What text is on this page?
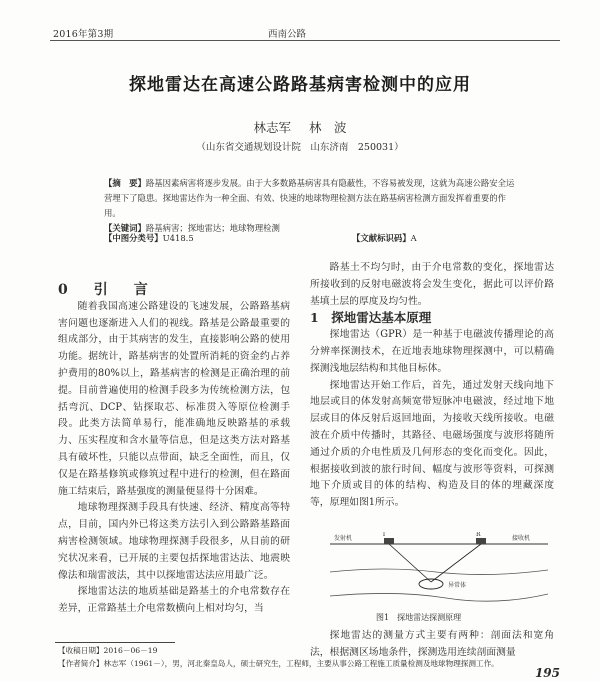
2016年第3期	西南公路
探地雷达在高速公路路基病害检测中的应用
林志军 林　波
（山东省交通规划设计院　山东济南　250031）

【摘　要】路基因素病害将逐步发展。由于大多数路基病害具有隐蔽性，不容易被发现，这就为高速公路安全运营埋下了隐患。探地雷达作为一种全面、有效、快速的地球物理检测方法在路基病害检测方面发挥着重要的作用。

【关键词】路基病害；探地雷达；地球物理检测

【中图分类号】U418.5	【文献标识码】A

0　引　言

随着我国高速公路建设的飞速发展，公路路基病害问题也逐渐进入人们的视线。路基是公路最重要的组成部分，由于其病害的发生，直接影响公路的使用功能。据统计，路基病害的处置所消耗的资金约占养护费用的80%以上，路基病害的检测是正确治理的前提。目前普遍使用的检测手段多为传统检测方法，包括弯沉、DCP、钻探取芯、标准贯入等原位检测手段。此类方法简单易行，能准确地反映路基的承载力、压实程度和含水量等信息，但是这类方法对路基具有破坏性，只能以点带面，缺乏全面性，而且，仅仅是在路基修筑或修筑过程中进行的检测，但在路面施工结束后，路基强度的测量便显得十分困难。

地球物理探测手段具有快速、经济、精度高等特点，目前，国内外已将这类方法引入到公路路基路面病害检测领域。地球物理探测手段很多，从目前的研究状况来看，已开展的主要包括探地雷达法、地震映像法和瑞雷波法，其中以探地雷达法应用最广泛。

探地雷达法的地质基础是路基土的介电常数存在差异，正常路基土介电常数横向上相对均匀，当

路基土不均匀时，由于介电常数的变化，探地雷达所接收到的反射电磁波将会发生变化，据此可以评价路基填土层的厚度及均匀性。

1　探地雷达基本原理

探地雷达（GPR）是一种基于电磁波传播理论的高分辨率探测技术，在近地表地球物理探测中，可以精确探测浅地层结构和其他目标体。

探地雷达开始工作后，首先，通过发射天线向地下地层或目的体发射高频宽带短脉冲电磁波，经过地下地层或目的体反射后返回地面，为接收天线所接收。电磁波在介质中传播时，其路径、电磁场强度与波形将随所通过介质的介电性质及几何形态的变化而变化。因此，根据接收到波的旅行时间、幅度与波形等资料，可探测地下介质或目的体的结构、构造及目的体的埋藏深度等，原理如图1所示。

T	R
发射机	接收机
异常体
图1　探地雷达探测原理

探地雷达的测量方式主要有两种：剖面法和宽角法，根据测区场地条件，探测选用连续剖面测量

【收稿日期】2016－06－19
【作者简介】林志军（1961－），男，河北秦皇岛人，硕士研究生，工程师，主要从事公路工程施工质量检测及地球物理探测工作。
195
